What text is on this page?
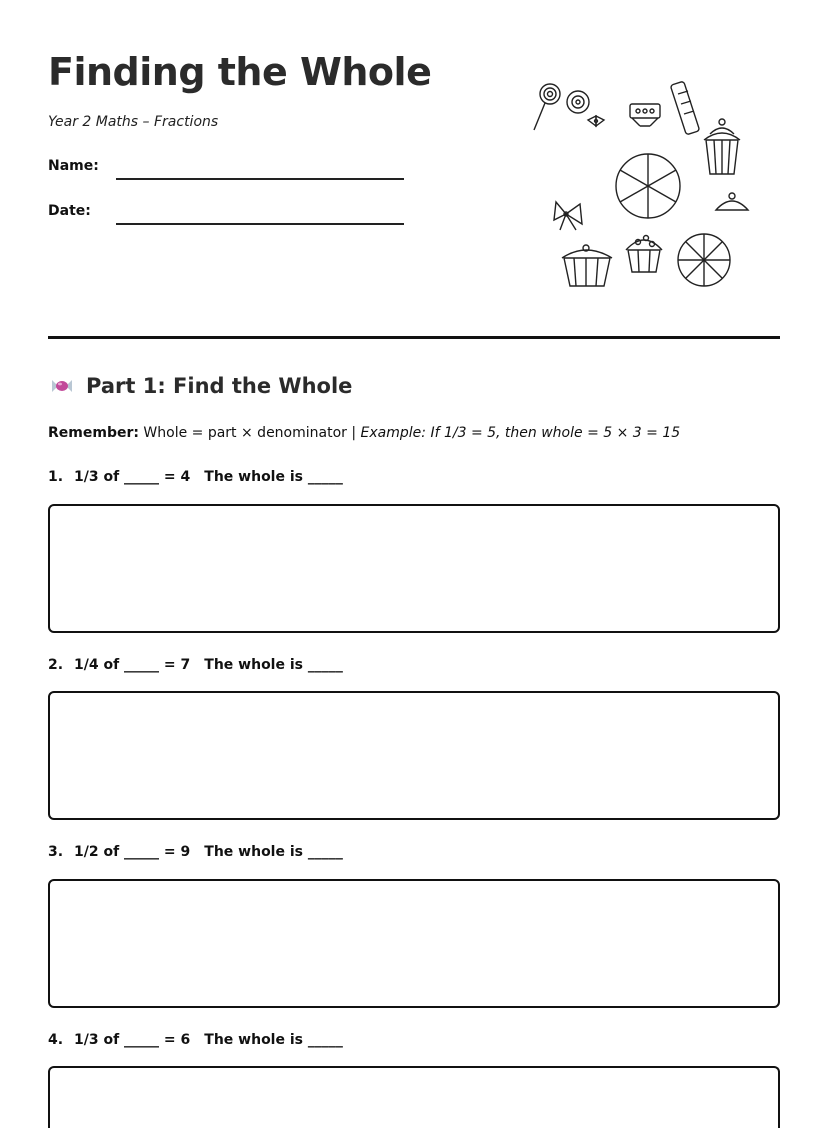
Finding the Whole
Year 2 Maths – Fractions
Name:
Date:
Part 1: Find the Whole
Remember: Whole = part × denominator | Example: If 1/3 = 5, then whole = 5 × 3 = 15
1. 1/3 of _____ = 4 The whole is _____
2. 1/4 of _____ = 7 The whole is _____
3. 1/2 of _____ = 9 The whole is _____
4. 1/3 of _____ = 6 The whole is _____
